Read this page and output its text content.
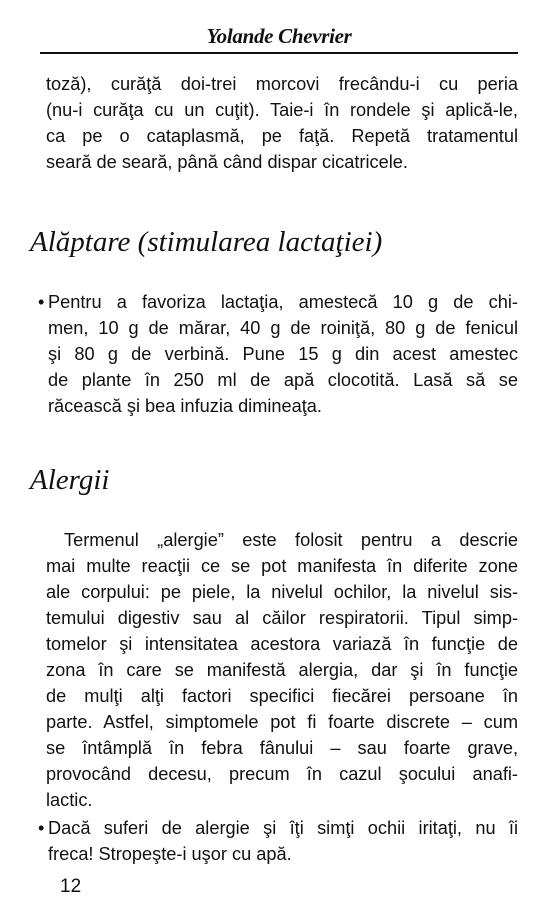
Yolande Chevrier
toză), curăţă doi-trei morcovi frecându-i cu peria
(nu-i curăţa cu un cuţit). Taie-i în rondele şi aplică-le,
ca pe o cataplasmă, pe faţă. Repetă tratamentul
seară de seară, până când dispar cicatricele.
Alăptare (stimularea lactaţiei)
• Pentru a favoriza lactaţia, amestecă 10 g de chi-
men, 10 g de mărar, 40 g de roiniţă, 80 g de fenicul
şi 80 g de verbină. Pune 15 g din acest amestec
de plante în 250 ml de apă clocotită. Lasă să se
răcească şi bea infuzia dimineaţa.
Alergii
Termenul „alergie” este folosit pentru a descrie
mai multe reacţii ce se pot manifesta în diferite zone
ale corpului: pe piele, la nivelul ochilor, la nivelul sis-
temului digestiv sau al căilor respiratorii. Tipul simp-
tomelor şi intensitatea acestora variază în funcţie de
zona în care se manifestă alergia, dar şi în funcţie
de mulţi alţi factori specifici fiecărei persoane în
parte. Astfel, simptomele pot fi foarte discrete – cum
se întâmplă în febra fânului – sau foarte grave,
provocând decesu, precum în cazul şocului anafi-
lactic.
• Dacă suferi de alergie şi îţi simţi ochii iritaţi, nu îi
freca! Stropeşte-i uşor cu apă.
12
